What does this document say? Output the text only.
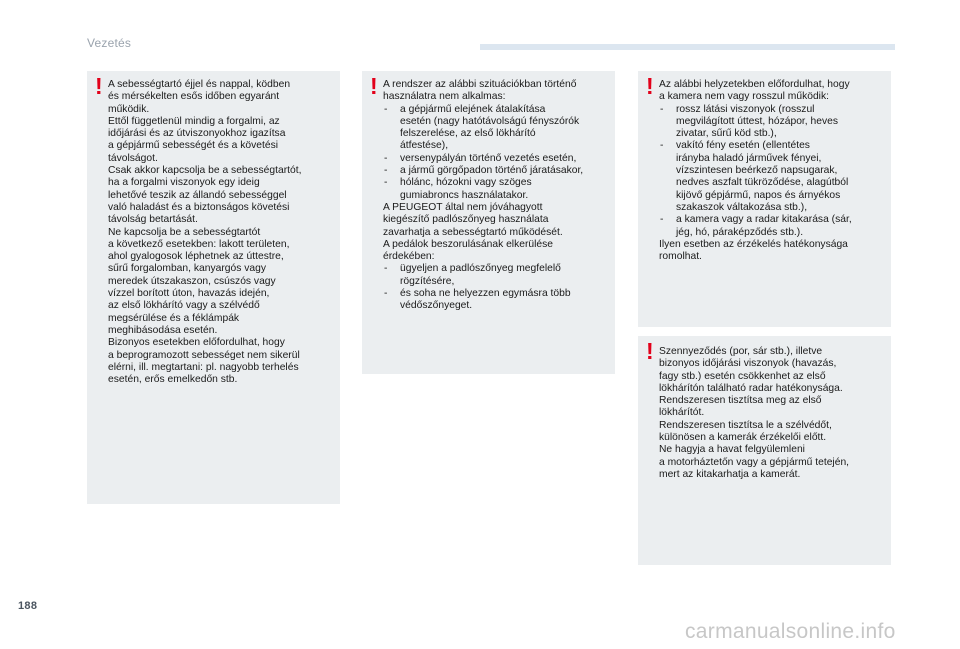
Vezetés
! A sebességtartó éjjel és nappal, ködben

és mérsékelten esős időben egyaránt

működik.

Ettől függetlenül mindig a forgalmi, az

időjárási és az útviszonyokhoz igazítsa

a gépjármű sebességét és a követési

távolságot.

Csak akkor kapcsolja be a sebességtartót,

ha a forgalmi viszonyok egy ideig

lehetővé teszik az állandó sebességgel

való haladást és a biztonságos követési

távolság betartását.

Ne kapcsolja be a sebességtartót

a következő esetekben: lakott területen,

ahol gyalogosok léphetnek az úttestre,

sűrű forgalomban, kanyargós vagy

meredek útszakaszon, csúszós vagy

vízzel borított úton, havazás idején,

az első lökhárító vagy a szélvédő

megsérülése és a féklámpák

meghibásodása esetén.

Bizonyos esetekben előfordulhat, hogy

a beprogramozott sebességet nem sikerül

elérni, ill. megtartani: pl. nagyobb terhelés

esetén, erős emelkedőn stb.

! A rendszer az alábbi szituációkban történő

használatra nem alkalmas:

- a gépjármű elejének átalakítása
esetén (nagy hatótávolságú fényszórók
felszerelése, az első lökhárító
átfestése),
- versenypályán történő vezetés esetén,
- a jármű görgőpadon történő járatásakor,
- hólánc, hózokni vagy szöges
gumiabroncs használatakor.

A PEUGEOT által nem jóváhagyott

kiegészítő padlószőnyeg használata

zavarhatja a sebességtartó működését.

A pedálok beszorulásának elkerülése

érdekében:

- ügyeljen a padlószőnyeg megfelelő
rögzítésére,
- és soha ne helyezzen egymásra több
védőszőnyeget.
! Az alábbi helyzetekben előfordulhat, hogy

a kamera nem vagy rosszul működik:

- rossz látási viszonyok (rosszul
megvilágított úttest, hózápor, heves
zivatar, sűrű köd stb.),
- vakító fény esetén (ellentétes
irányba haladó járművek fényei,
vízszintesen beérkező napsugarak,
nedves aszfalt tükröződése, alagútból
kijövő gépjármű, napos és árnyékos
szakaszok váltakozása stb.),
- a kamera vagy a radar kitakarása (sár,
jég, hó, páraképződés stb.).

Ilyen esetben az érzékelés hatékonysága

romolhat.

! Szennyeződés (por, sár stb.), illetve

bizonyos időjárási viszonyok (havazás,

fagy stb.) esetén csökkenhet az első

lökhárítón található radar hatékonysága.

Rendszeresen tisztítsa meg az első

lökhárítót.

Rendszeresen tisztítsa le a szélvédőt,

különösen a kamerák érzékelői előtt.

Ne hagyja a havat felgyülemleni

a motorháztetőn vagy a gépjármű tetején,

mert az kitakarhatja a kamerát.

188
carmanualsonline.info
